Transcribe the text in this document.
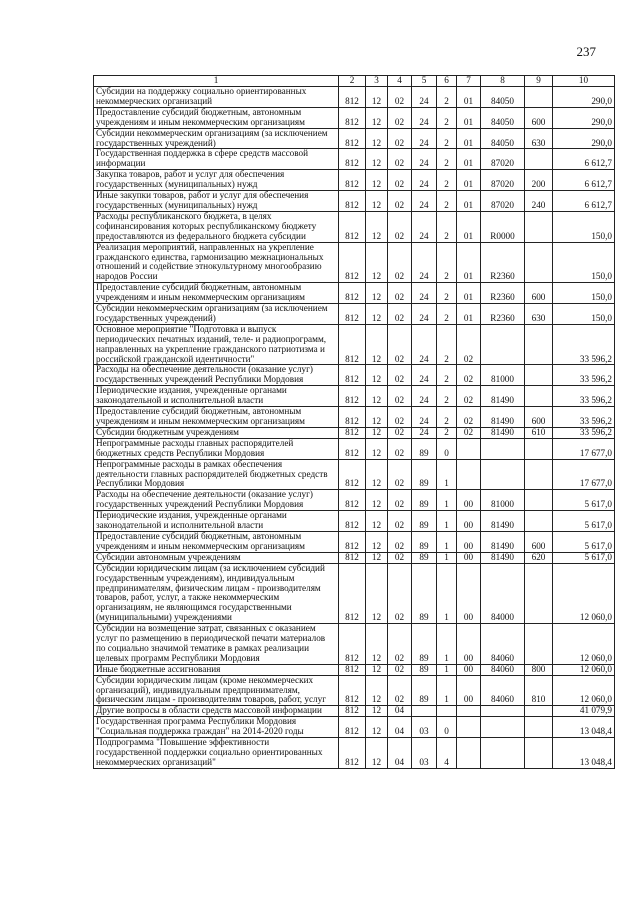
237
1	2	3	4	5	6	7	8	9	10
Субсидии на поддержку социально ориентированных некоммерческих организаций	812	12	02	24	2	01	84050		290,0
Предоставление субсидий бюджетным, автономным учреждениям и иным некоммерческим организациям	812	12	02	24	2	01	84050	600	290,0
Субсидии некоммерческим организациям (за исключением государственных учреждений)	812	12	02	24	2	01	84050	630	290,0
Государственная поддержка в сфере средств массовой информации	812	12	02	24	2	01	87020		6 612,7
Закупка товаров, работ и услуг для обеспечения государственных (муниципальных) нужд	812	12	02	24	2	01	87020	200	6 612,7
Иные закупки товаров, работ и услуг для обеспечения государственных (муниципальных) нужд	812	12	02	24	2	01	87020	240	6 612,7
Расходы республиканского бюджета, в целях софинансирования которых республиканскому бюджету предоставляются из федерального бюджета субсидии	812	12	02	24	2	01	R0000		150,0
Реализация мероприятий, направленных на укрепление гражданского единства, гармонизацию межнациональных отношений и содействие этнокультурному многообразию народов России	812	12	02	24	2	01	R2360		150,0
Предоставление субсидий бюджетным, автономным учреждениям и иным некоммерческим организациям	812	12	02	24	2	01	R2360	600	150,0
Субсидии некоммерческим организациям (за исключением государственных учреждений)	812	12	02	24	2	01	R2360	630	150,0
Основное мероприятие "Подготовка и выпуск периодических печатных изданий, теле- и радиопрограмм, направленных на укрепление гражданского патриотизма и российской гражданской идентичности"	812	12	02	24	2	02			33 596,2
Расходы на обеспечение деятельности (оказание услуг) государственных учреждений Республики Мордовия	812	12	02	24	2	02	81000		33 596,2
Периодические издания, учрежденные органами законодательной и исполнительной власти	812	12	02	24	2	02	81490		33 596,2
Предоставление субсидий бюджетным, автономным учреждениям и иным некоммерческим организациям	812	12	02	24	2	02	81490	600	33 596,2
Субсидии бюджетным учреждениям	812	12	02	24	2	02	81490	610	33 596,2
Непрограммные расходы главных распорядителей бюджетных средств Республики Мордовия	812	12	02	89	0				17 677,0
Непрограммные расходы в рамках обеспечения деятельности главных распорядителей бюджетных средств Республики Мордовия	812	12	02	89	1				17 677,0
Расходы на обеспечение деятельности (оказание услуг) государственных учреждений Республики Мордовия	812	12	02	89	1	00	81000		5 617,0
Периодические издания, учрежденные органами законодательной и исполнительной власти	812	12	02	89	1	00	81490		5 617,0
Предоставление субсидий бюджетным, автономным учреждениям и иным некоммерческим организациям	812	12	02	89	1	00	81490	600	5 617,0
Субсидии автономным учреждениям	812	12	02	89	1	00	81490	620	5 617,0
Субсидии юридическим лицам (за исключением субсидий государственным учреждениям), индивидуальным предпринимателям, физическим лицам - производителям товаров, работ, услуг, а также некоммерческим организациям, не являющимся государственными (муниципальными) учреждениями	812	12	02	89	1	00	84000		12 060,0
Субсидии на возмещение затрат, связанных с оказанием услуг по размещению в периодической печати материалов по социально значимой тематике в рамках реализации целевых программ Республики Мордовия	812	12	02	89	1	00	84060		12 060,0
Иные бюджетные ассигнования	812	12	02	89	1	00	84060	800	12 060,0
Субсидии юридическим лицам (кроме некоммерческих организаций), индивидуальным предпринимателям, физическим лицам - производителям товаров, работ, услуг	812	12	02	89	1	00	84060	810	12 060,0
Другие вопросы в области средств массовой информации	812	12	04						41 079,9
Государственная программа Республики Мордовия "Социальная поддержка граждан" на 2014-2020 годы	812	12	04	03	0				13 048,4
Подпрограмма "Повышение эффективности государственной поддержки социально ориентированных некоммерческих организаций"	812	12	04	03	4				13 048,4
